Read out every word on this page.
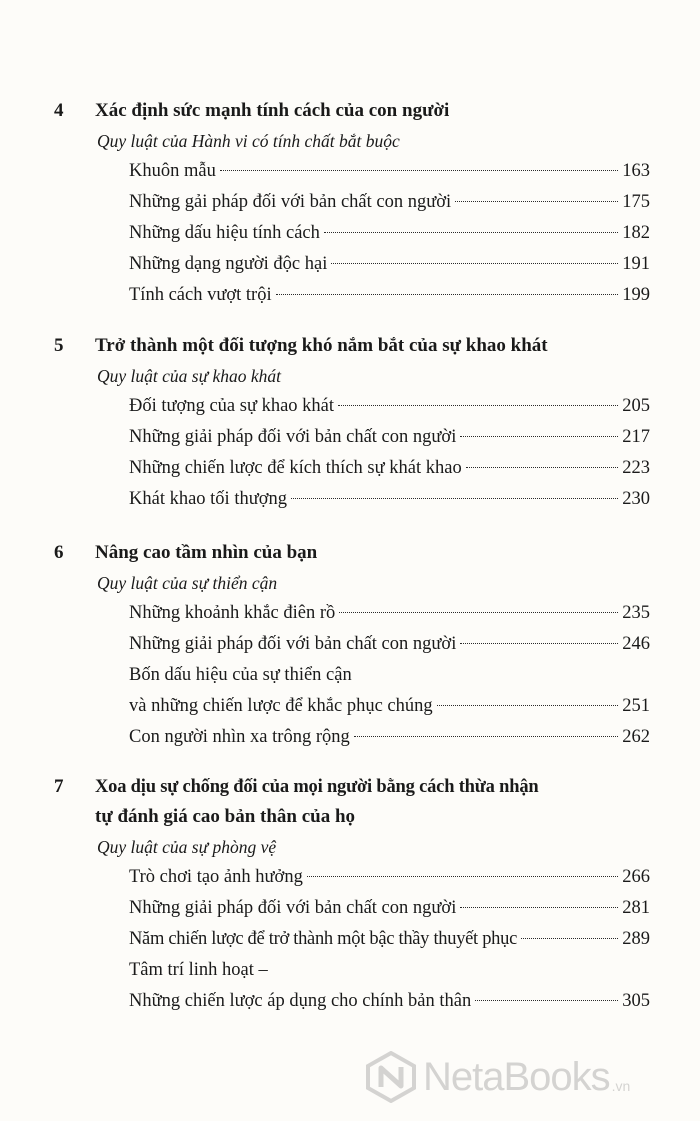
4 Xác định sức mạnh tính cách của con người
Quy luật của Hành vi có tính chất bắt buộc
Khuôn mẫu	163
Những gải pháp đối với bản chất con người	175
Những dấu hiệu tính cách	182
Những dạng người độc hại	191
Tính cách vượt trội	199
5 Trở thành một đối tượng khó nắm bắt của sự khao khát
Quy luật của sự khao khát
Đối tượng của sự khao khát	205
Những giải pháp đối với bản chất con người	217
Những chiến lược để kích thích sự khát khao	223
Khát khao tối thượng	230
6 Nâng cao tầm nhìn của bạn
Quy luật của sự thiển cận
Những khoảnh khắc điên rồ	235
Những giải pháp đối với bản chất con người	246
Bốn dấu hiệu của sự thiển cận
và những chiến lược để khắc phục chúng	251
Con người nhìn xa trông rộng	262
7 Xoa dịu sự chống đối của mọi người bằng cách thừa nhận
tự đánh giá cao bản thân của họ
Quy luật của sự phòng vệ
Trò chơi tạo ảnh hưởng	266
Những giải pháp đối với bản chất con người	281
Năm chiến lược để trở thành một bậc thầy thuyết phục	289
Tâm trí linh hoạt –
Những chiến lược áp dụng cho chính bản thân	305
NetaBooks .vn
